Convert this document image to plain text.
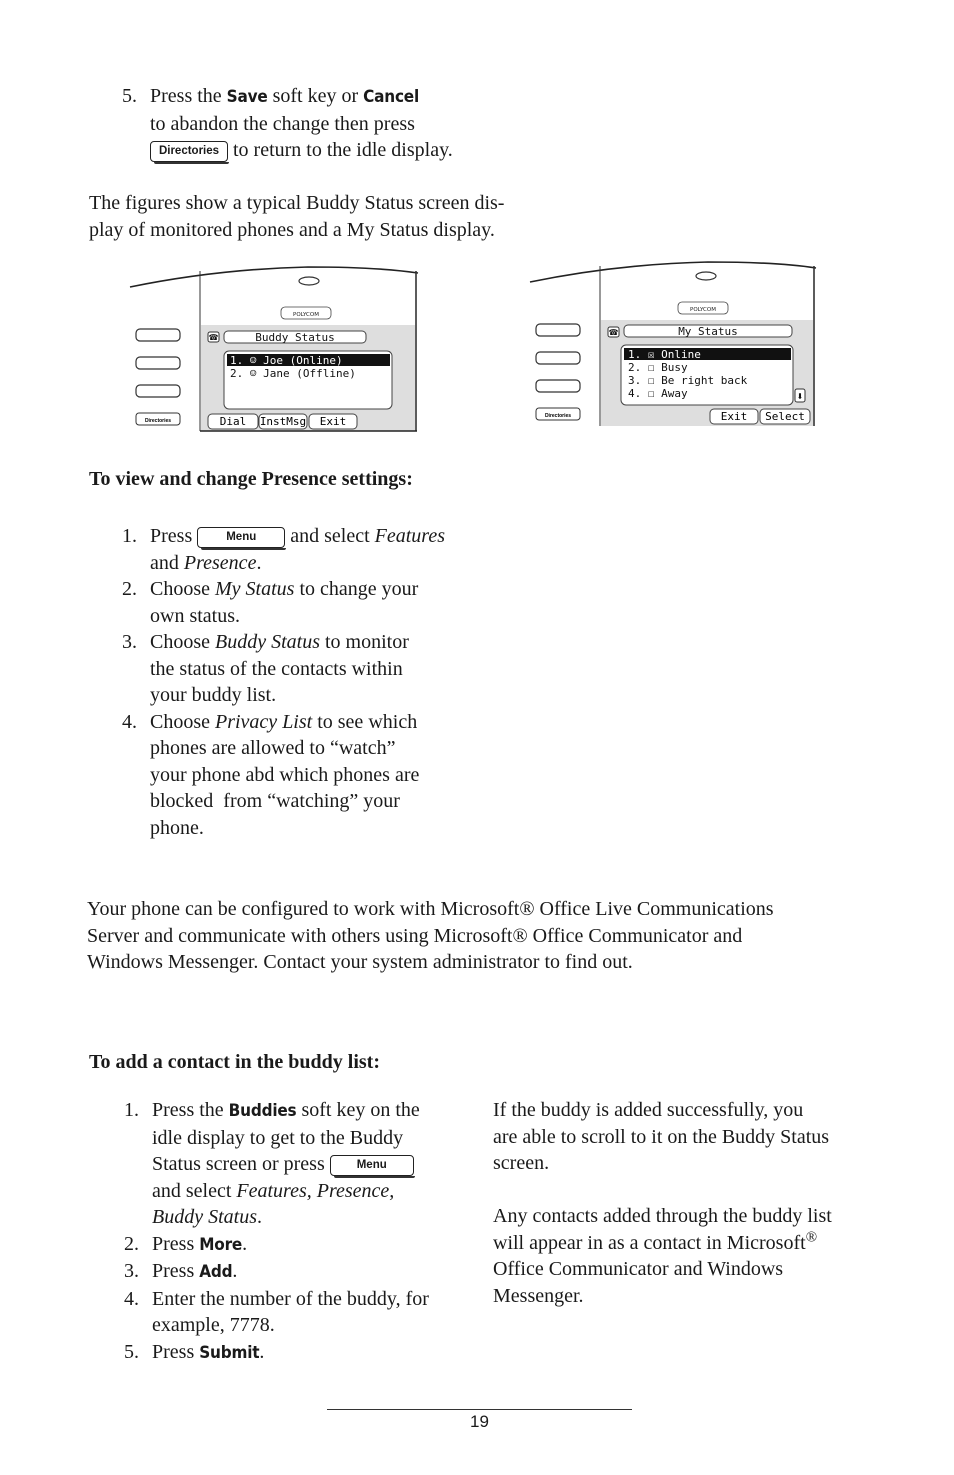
5. Press the Save soft key or Cancel
to abandon the change then press
Directories to return to the idle display.
The figures show a typical Buddy Status screen dis-
play of monitored phones and a My Status display.
POLYCOM
☎	Buddy Status
1. ☺ Joe (Online)
2. ☺ Jane (Offline)
Dial InstMsg Exit
Directories
POLYCOM
☎	My Status
1. ☒ Online
2. ☐ Busy
3. ☐ Be right back
4. ☐ Away	⬇
Exit Select
Directories
To view and change Presence settings:
1. Press	Menu and select Features
and Presence.
2. Choose My Status to change your
own status.
3. Choose Buddy Status to monitor
the status of the contacts within
your buddy list.
4. Choose Privacy List to see which
phones are allowed to “watch”
your phone abd which phones are
blocked  from “watching” your
phone.
Your phone can be configured to work with Microsoft® Office Live Communications
Server and communicate with others using Microsoft® Office Communicator and
Windows Messenger. Contact your system administrator to find out.
To add a contact in the buddy list:
1. Press the Buddies soft key on the
idle display to get to the Buddy
Status screen or press Menu
and select Features, Presence,
Buddy Status.
2. Press More.
3. Press Add.
4. Enter the number of the buddy, for
example, 7778.
5. Press Submit.
If the buddy is added successfully, you
are able to scroll to it on the Buddy Status
screen.
Any contacts added through the buddy list
will appear in as a contact in Microsoft®
Office Communicator and Windows
Messenger.
19
